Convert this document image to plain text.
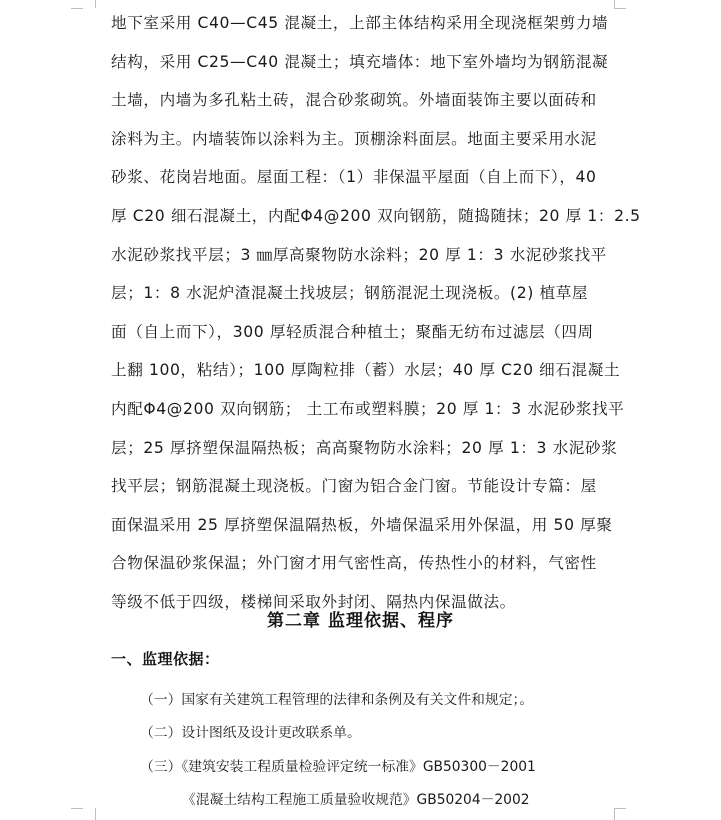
地下室采用 C40—C45 混凝土，上部主体结构采用全现浇框架剪力墙
结构，采用 C25—C40 混凝土；填充墙体：地下室外墙均为钢筋混凝
土墙，内墙为多孔粘土砖，混合砂浆砌筑。外墙面装饰主要以面砖和
涂料为主。内墙装饰以涂料为主。顶棚涂料面层。地面主要采用水泥
砂浆、花岗岩地面。屋面工程：（1）非保温平屋面（自上而下），40
厚 C20 细石混凝土，内配Φ4@200 双向钢筋，随捣随抹；20 厚 1：2.5
水泥砂浆找平层；3 ㎜厚高聚物防水涂料；20 厚 1：3 水泥砂浆找平
层；1：8 水泥炉渣混凝土找坡层；钢筋混泥土现浇板。(2) 植草屋
面（自上而下），300 厚轻质混合种植土；聚酯无纺布过滤层（四周
上翻 100，粘结）；100 厚陶粒排（蓄）水层；40 厚 C20 细石混凝土
内配Φ4@200 双向钢筋； 土工布或塑料膜；20 厚 1：3 水泥砂浆找平
层；25 厚挤塑保温隔热板；高高聚物防水涂料；20 厚 1：3 水泥砂浆
找平层；钢筋混凝土现浇板。门窗为铝合金门窗。节能设计专篇：屋
面保温采用 25 厚挤塑保温隔热板，外墙保温采用外保温，用 50 厚聚
合物保温砂浆保温；外门窗才用气密性高，传热性小的材料，气密性
等级不低于四级，楼梯间采取外封闭、隔热内保温做法。
第二章 监理依据、程序
一、监理依据：
（一）国家有关建筑工程管理的法律和条例及有关文件和规定；。
（二）设计图纸及设计更改联系单。
（三）《建筑安装工程质量检验评定统一标准》GB50300－2001
《混凝土结构工程施工质量验收规范》GB50204－2002
